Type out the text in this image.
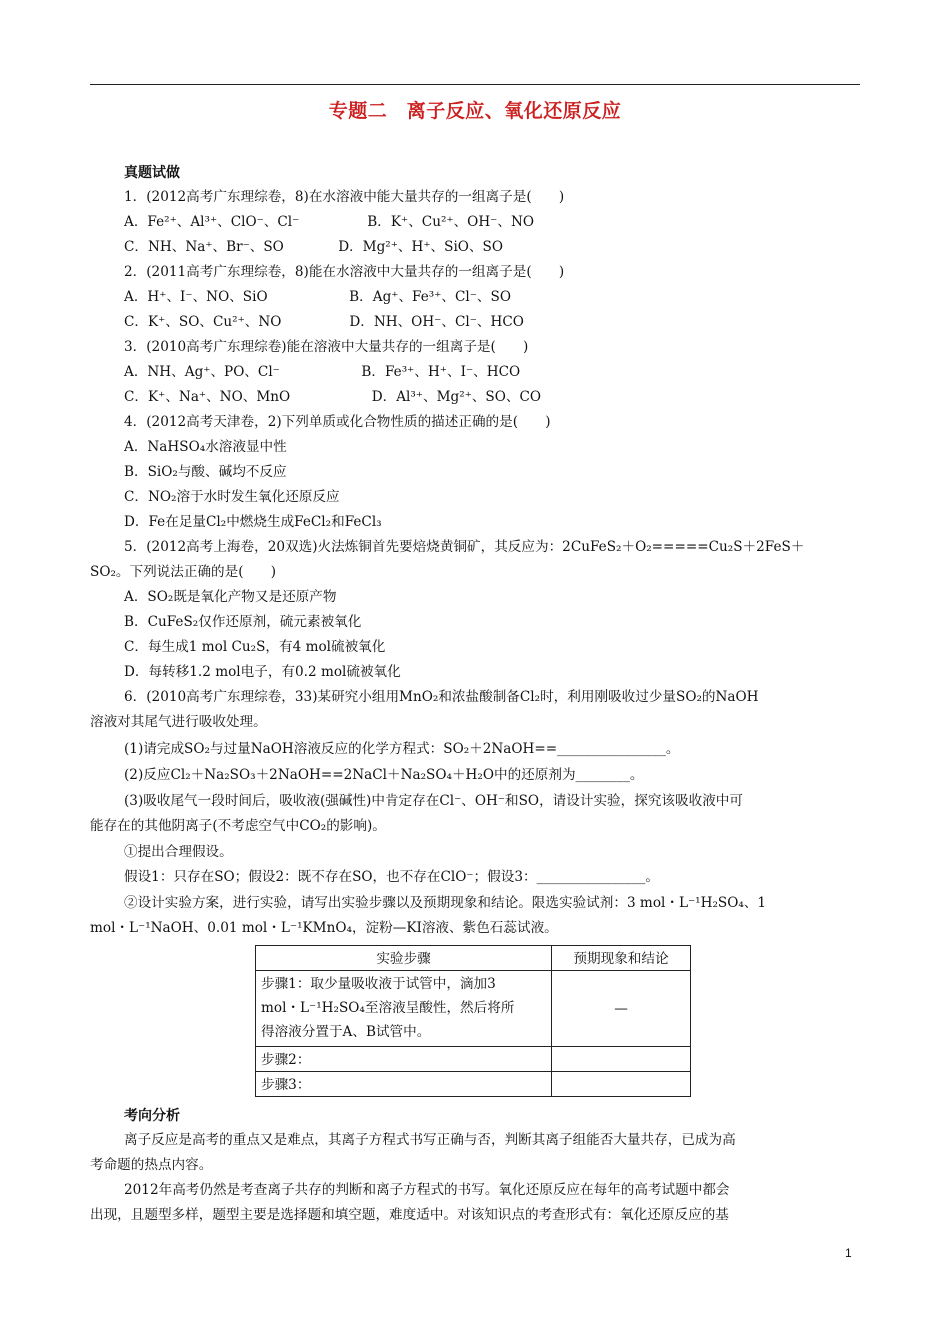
专题二　离子反应、氧化还原反应
真题试做
1．(2012高考广东理综卷，8)在水溶液中能大量共存的一组离子是(　　)
A．Fe²⁺、Al³⁺、ClO⁻、Cl⁻　　　　　B．K⁺、Cu²⁺、OH⁻、NO
C．NH、Na⁺、Br⁻、SO　　　　D．Mg²⁺、H⁺、SiO、SO
2．(2011高考广东理综卷，8)能在水溶液中大量共存的一组离子是(　　)
A．H⁺、I⁻、NO、SiO　　　　　　B．Ag⁺、Fe³⁺、Cl⁻、SO
C．K⁺、SO、Cu²⁺、NO　　　　　D．NH、OH⁻、Cl⁻、HCO
3．(2010高考广东理综卷)能在溶液中大量共存的一组离子是(　　)
A．NH、Ag⁺、PO、Cl⁻　　　　　　B．Fe³⁺、H⁺、I⁻、HCO
C．K⁺、Na⁺、NO、MnO　　　　　　D．Al³⁺、Mg²⁺、SO、CO
4．(2012高考天津卷，2)下列单质或化合物性质的描述正确的是(　　)
A．NaHSO₄水溶液显中性
B．SiO₂与酸、碱均不反应
C．NO₂溶于水时发生氧化还原反应
D．Fe在足量Cl₂中燃烧生成FeCl₂和FeCl₃
5．(2012高考上海卷，20双选)火法炼铜首先要焙烧黄铜矿，其反应为：2CuFeS₂＋O₂=====Cu₂S＋2FeS＋
SO₂。下列说法正确的是(　　)
A．SO₂既是氧化产物又是还原产物
B．CuFeS₂仅作还原剂，硫元素被氧化
C．每生成1 mol Cu₂S，有4 mol硫被氧化
D．每转移1.2 mol电子，有0.2 mol硫被氧化
6．(2010高考广东理综卷，33)某研究小组用MnO₂和浓盐酸制备Cl₂时，利用刚吸收过少量SO₂的NaOH
溶液对其尾气进行吸收处理。
(1)请完成SO₂与过量NaOH溶液反应的化学方程式：SO₂＋2NaOH==________________。
(2)反应Cl₂＋Na₂SO₃＋2NaOH==2NaCl＋Na₂SO₄＋H₂O中的还原剂为________。
(3)吸收尾气一段时间后，吸收液(强碱性)中肯定存在Cl⁻、OH⁻和SO，请设计实验，探究该吸收液中可
能存在的其他阴离子(不考虑空气中CO₂的影响)。
①提出合理假设。
假设1：只存在SO；假设2：既不存在SO，也不存在ClO⁻；假设3：________________。
②设计实验方案，进行实验，请写出实验步骤以及预期现象和结论。限选实验试剂：3 mol・L⁻¹H₂SO₄、1
mol・L⁻¹NaOH、0.01 mol・L⁻¹KMnO₄，淀粉—KI溶液、紫色石蕊试液。
实验步骤	预期现象和结论
步骤1：取少量吸收液于试管中，滴加3
mol・L⁻¹H₂SO₄至溶液呈酸性，然后将所
得溶液分置于A、B试管中。	—
步骤2：	
步骤3：	
考向分析
离子反应是高考的重点又是难点，其离子方程式书写正确与否，判断其离子组能否大量共存，已成为高
考命题的热点内容。
2012年高考仍然是考查离子共存的判断和离子方程式的书写。氧化还原反应在每年的高考试题中都会
出现，且题型多样，题型主要是选择题和填空题，难度适中。对该知识点的考查形式有：氧化还原反应的基
1
